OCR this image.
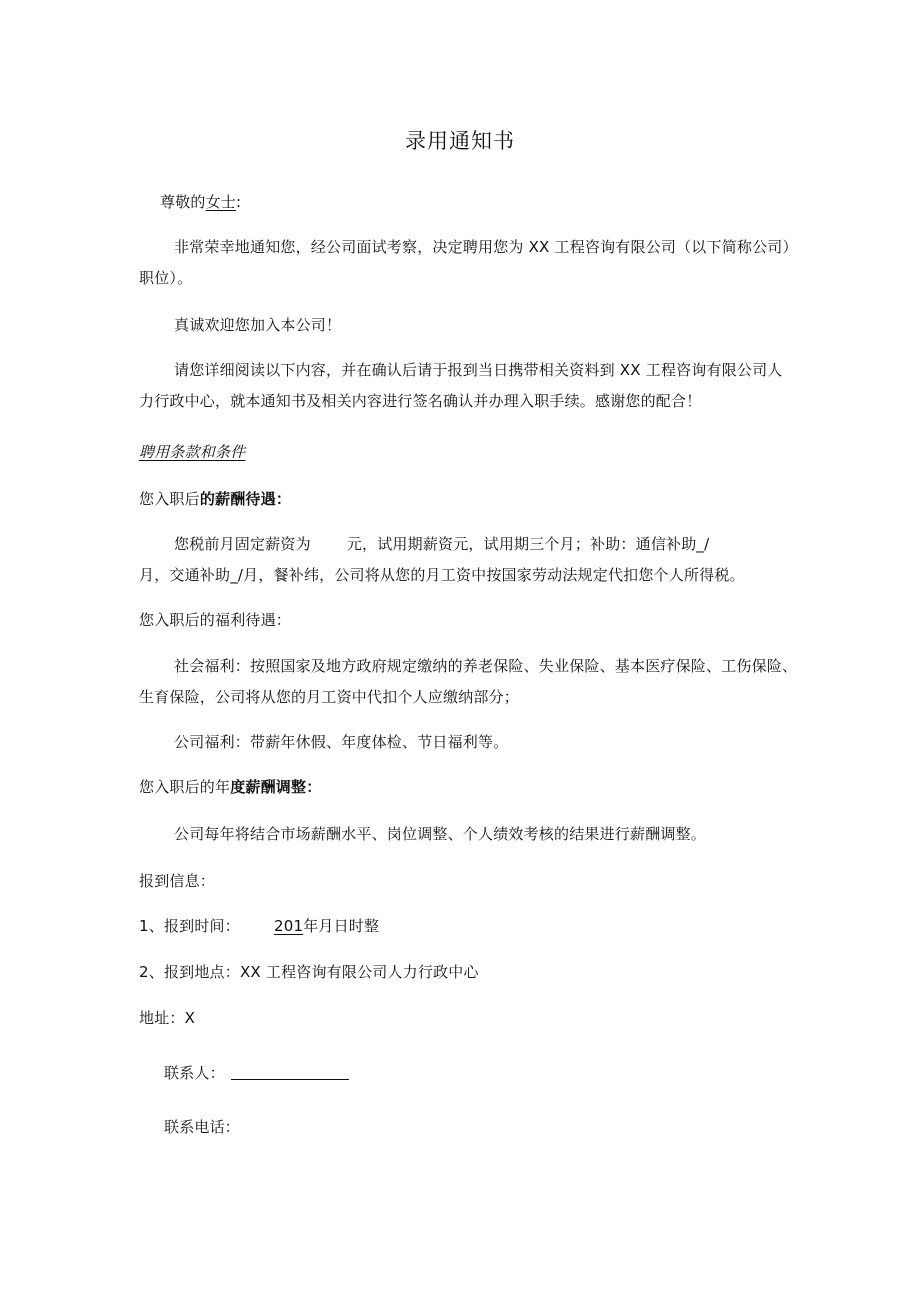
录用通知书
尊敬的女士:
非常荣幸地通知您，经公司面试考察，决定聘用您为 XX 工程咨询有限公司（以下简称公司）
职位）。
真诚欢迎您加入本公司！
请您详细阅读以下内容，并在确认后请于报到当日携带相关资料到 XX 工程咨询有限公司人
力行政中心，就本通知书及相关内容进行签名确认并办理入职手续。感谢您的配合！
聘用条款和条件
您入职后的薪酬待遇：
您税前月固定薪资为 元，试用期薪资元，试用期三个月；补助：通信补助_/
月，交通补助_/月，餐补纬，公司将从您的月工资中按国家劳动法规定代扣您个人所得税。
您入职后的福利待遇：
社会福利：按照国家及地方政府规定缴纳的养老保险、失业保险、基本医疗保险、工伤保险、
生育保险，公司将从您的月工资中代扣个人应缴纳部分；
公司福利：带薪年休假、年度体检、节日福利等。
您入职后的年度薪酬调整：
公司每年将结合市场薪酬水平、岗位调整、个人绩效考核的结果进行薪酬调整。
报到信息：
1、报到时间： 201年月日时整
2、报到地点：XX 工程咨询有限公司人力行政中心
地址：X
联系人：
联系电话：
